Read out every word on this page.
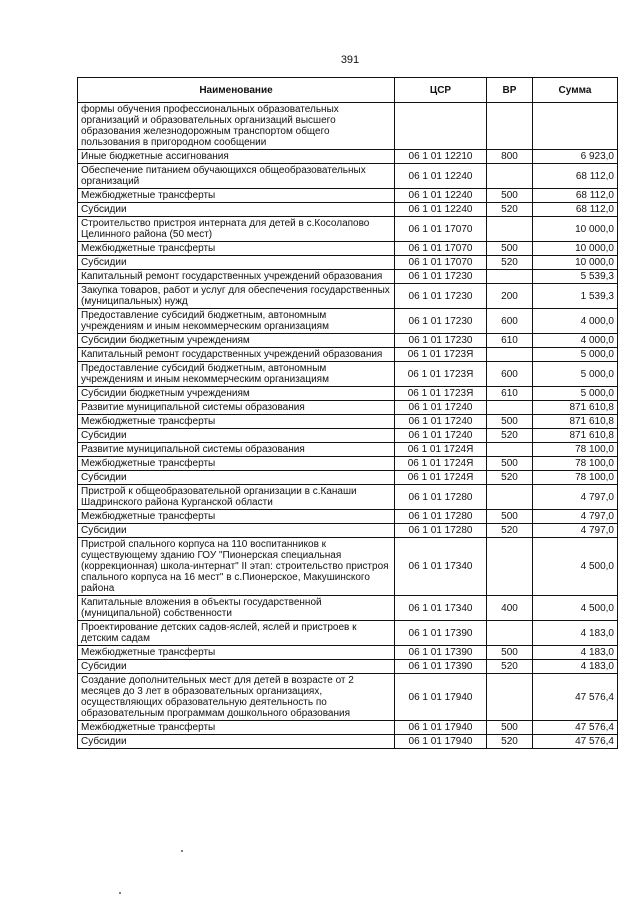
391
Наименование	ЦСР	ВР	Сумма
формы обучения профессиональных образовательных организаций и образовательных организаций высшего образования железнодорожным транспортом общего пользования в пригородном сообщении			
Иные бюджетные ассигнования	06 1 01 12210	800	6 923,0
Обеспечение питанием обучающихся общеобразовательных организаций	06 1 01 12240		68 112,0
Межбюджетные трансферты	06 1 01 12240	500	68 112,0
Субсидии	06 1 01 12240	520	68 112,0
Строительство пристроя интерната для детей в с.Косолапово Целинного района (50 мест)	06 1 01 17070		10 000,0
Межбюджетные трансферты	06 1 01 17070	500	10 000,0
Субсидии	06 1 01 17070	520	10 000,0
Капитальный ремонт государственных учреждений образования	06 1 01 17230		5 539,3
Закупка товаров, работ и услуг для обеспечения государственных (муниципальных) нужд	06 1 01 17230	200	1 539,3
Предоставление субсидий бюджетным, автономным учреждениям и иным некоммерческим организациям	06 1 01 17230	600	4 000,0
Субсидии бюджетным учреждениям	06 1 01 17230	610	4 000,0
Капитальный ремонт государственных учреждений образования	06 1 01 1723Я		5 000,0
Предоставление субсидий бюджетным, автономным учреждениям и иным некоммерческим организациям	06 1 01 1723Я	600	5 000,0
Субсидии бюджетным учреждениям	06 1 01 1723Я	610	5 000,0
Развитие муниципальной системы образования	06 1 01 17240		871 610,8
Межбюджетные трансферты	06 1 01 17240	500	871 610,8
Субсидии	06 1 01 17240	520	871 610,8
Развитие муниципальной системы образования	06 1 01 1724Я		78 100,0
Межбюджетные трансферты	06 1 01 1724Я	500	78 100,0
Субсидии	06 1 01 1724Я	520	78 100,0
Пристрой к общеобразовательной организации в с.Канаши Шадринского района Курганской области	06 1 01 17280		4 797,0
Межбюджетные трансферты	06 1 01 17280	500	4 797,0
Субсидии	06 1 01 17280	520	4 797,0
Пристрой спального корпуса на 110 воспитанников к существующему зданию ГОУ "Пионерская специальная (коррекционная) школа-интернат" II этап: строительство пристроя спального корпуса на 16 мест" в с.Пионерское, Макушинского района	06 1 01 17340		4 500,0
Капитальные вложения в объекты государственной (муниципальной) собственности	06 1 01 17340	400	4 500,0
Проектирование детских садов-яслей, яслей и пристроев к детским садам	06 1 01 17390		4 183,0
Межбюджетные трансферты	06 1 01 17390	500	4 183,0
Субсидии	06 1 01 17390	520	4 183,0
Создание дополнительных мест для детей в возрасте от 2 месяцев до 3 лет в образовательных организациях, осуществляющих образовательную деятельность по образовательным программам дошкольного образования	06 1 01 17940		47 576,4
Межбюджетные трансферты	06 1 01 17940	500	47 576,4
Субсидии	06 1 01 17940	520	47 576,4
